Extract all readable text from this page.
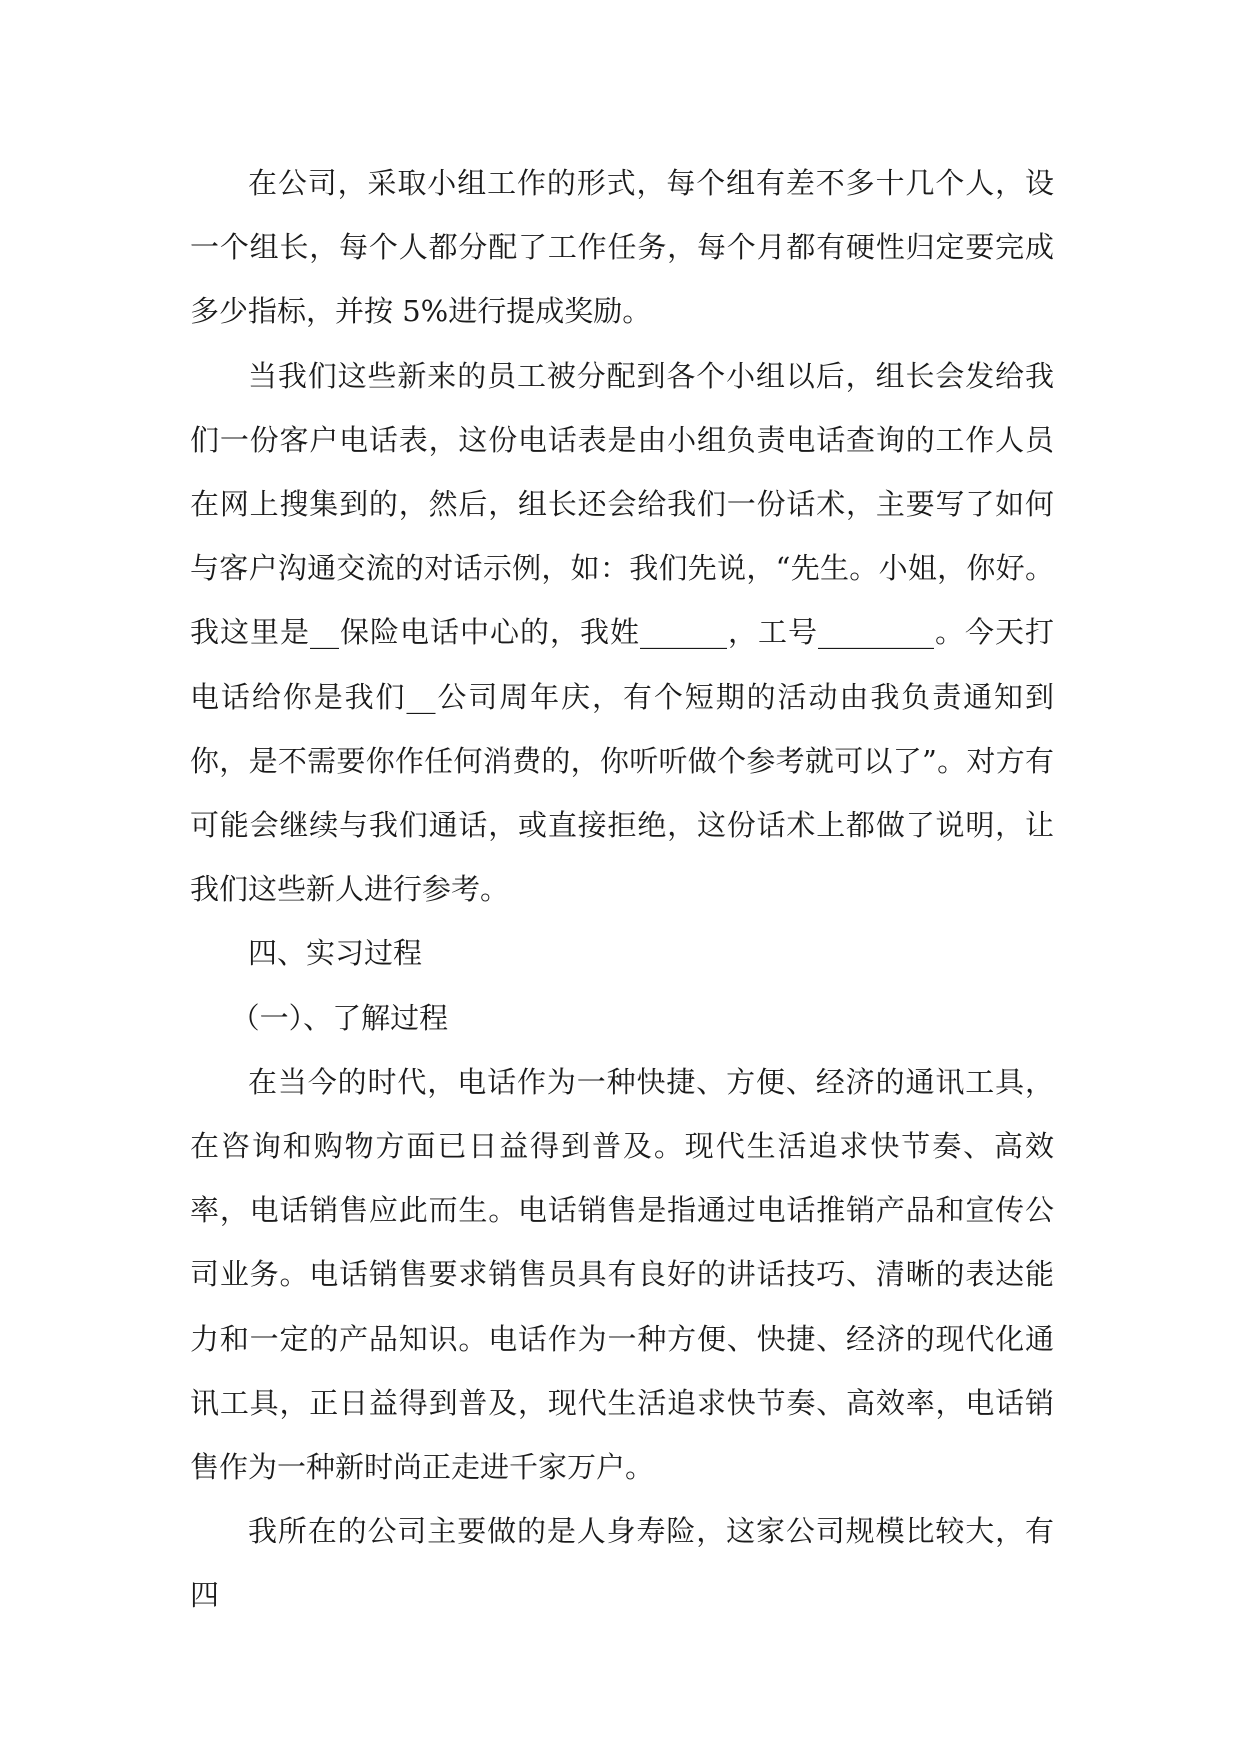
在公司，采取小组工作的形式，每个组有差不多十几个人，设一个组长，每个人都分配了工作任务，每个月都有硬性归定要完成多少指标，并按 5%进行提成奖励。

当我们这些新来的员工被分配到各个小组以后，组长会发给我们一份客户电话表，这份电话表是由小组负责电话查询的工作人员在网上搜集到的，然后，组长还会给我们一份话术，主要写了如何与客户沟通交流的对话示例，如：我们先说，“先生。小姐，你好。我这里是__保险电话中心的，我姓______，工号________。今天打电话给你是我们__公司周年庆，有个短期的活动由我负责通知到你，是不需要你作任何消费的，你听听做个参考就可以了”。对方有可能会继续与我们通话，或直接拒绝，这份话术上都做了说明，让我们这些新人进行参考。

四、实习过程

（一）、了解过程

在当今的时代，电话作为一种快捷、方便、经济的通讯工具，在咨询和购物方面已日益得到普及。现代生活追求快节奏、高效率，电话销售应此而生。电话销售是指通过电话推销产品和宣传公司业务。电话销售要求销售员具有良好的讲话技巧、清晰的表达能力和一定的产品知识。电话作为一种方便、快捷、经济的现代化通讯工具，正日益得到普及，现代生活追求快节奏、高效率，电话销售作为一种新时尚正走进千家万户。

我所在的公司主要做的是人身寿险，这家公司规模比较大，有四
